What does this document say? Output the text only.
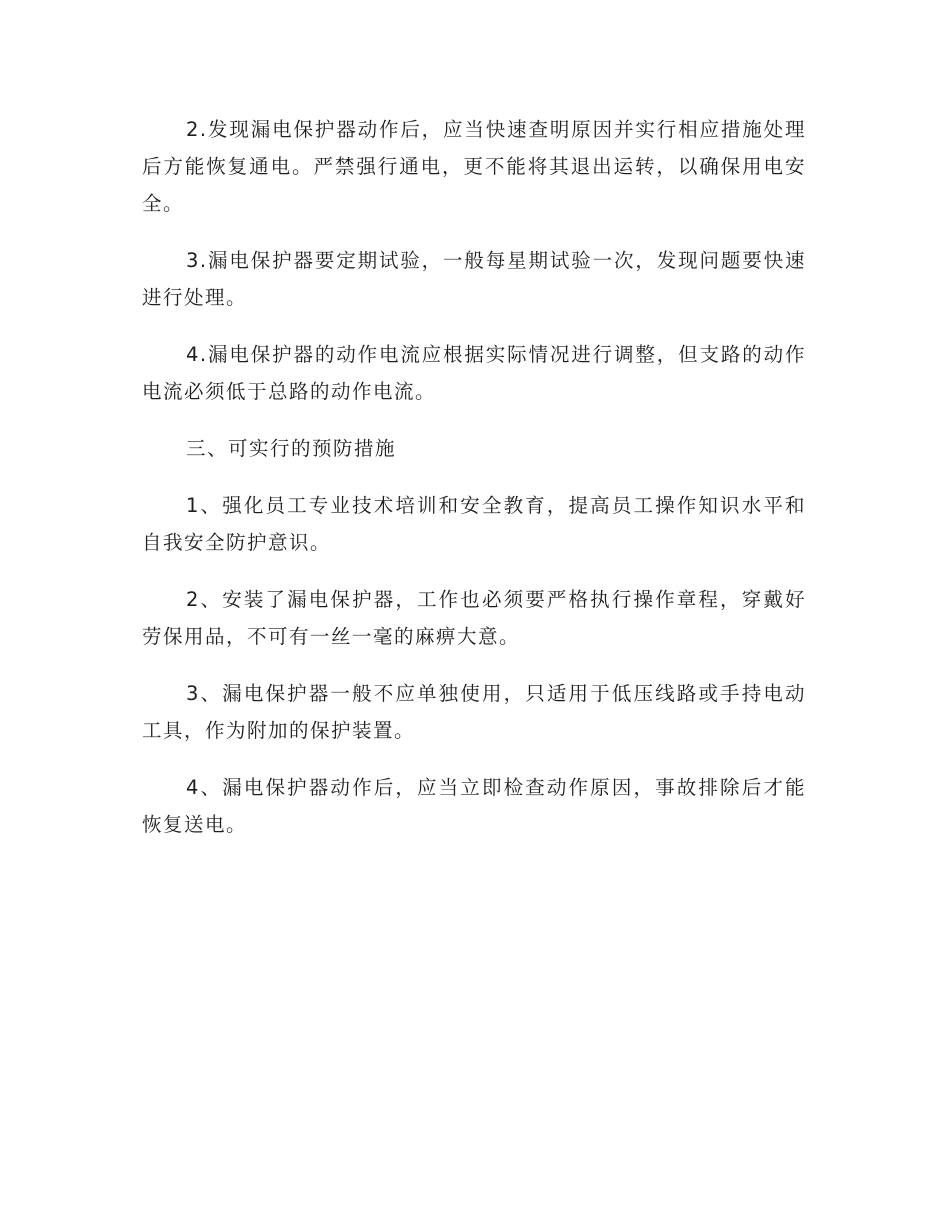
2.发现漏电保护器动作后，应当快速查明原因并实行相应措施处理后方能恢复通电。严禁强行通电，更不能将其退出运转，以确保用电安全。

3.漏电保护器要定期试验，一般每星期试验一次，发现问题要快速进行处理。

4.漏电保护器的动作电流应根据实际情况进行调整，但支路的动作电流必须低于总路的动作电流。

三、可实行的预防措施

1、强化员工专业技术培训和安全教育，提高员工操作知识水平和自我安全防护意识。

2、安装了漏电保护器，工作也必须要严格执行操作章程，穿戴好劳保用品，不可有一丝一毫的麻痹大意。

3、漏电保护器一般不应单独使用，只适用于低压线路或手持电动工具，作为附加的保护装置。

4、漏电保护器动作后，应当立即检查动作原因，事故排除后才能恢复送电。
